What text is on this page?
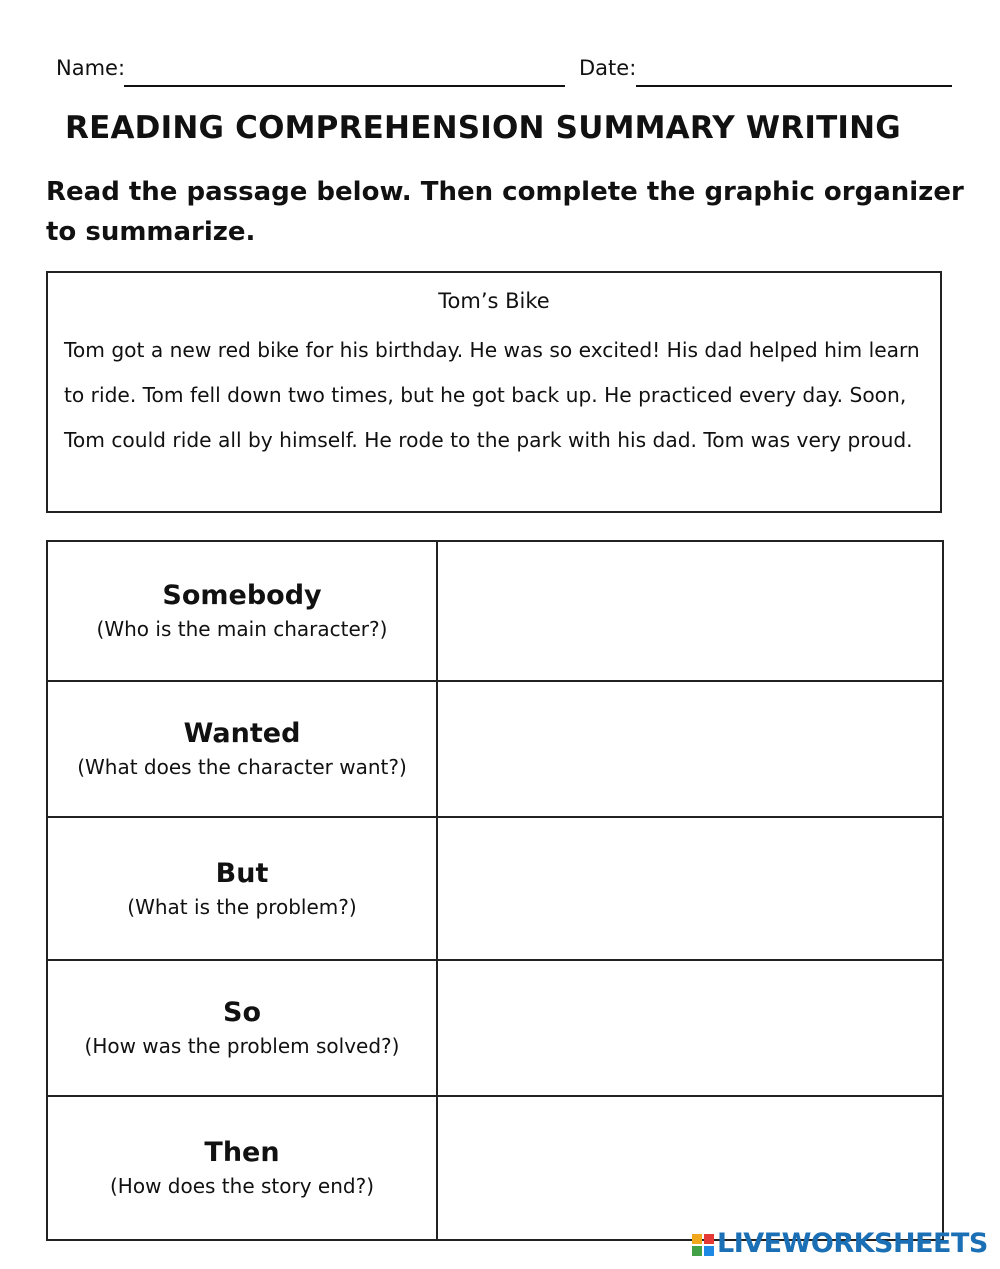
Name:	Date:
READING COMPREHENSION SUMMARY WRITING
Read the passage below. Then complete the graphic organizer to summarize.
Tom’s Bike
Tom got a new red bike for his birthday. He was so excited! His dad helped him learn to ride. Tom fell down two times, but he got back up. He practiced every day. Soon, Tom could ride all by himself. He rode to the park with his dad. Tom was very proud.
Somebody
(Who is the main character?)	

Wanted
(What does the character want?)	

But
(What is the problem?)	

So
(How was the problem solved?)	

Then
(How does the story end?)	

LIVEWORKSHEETS
